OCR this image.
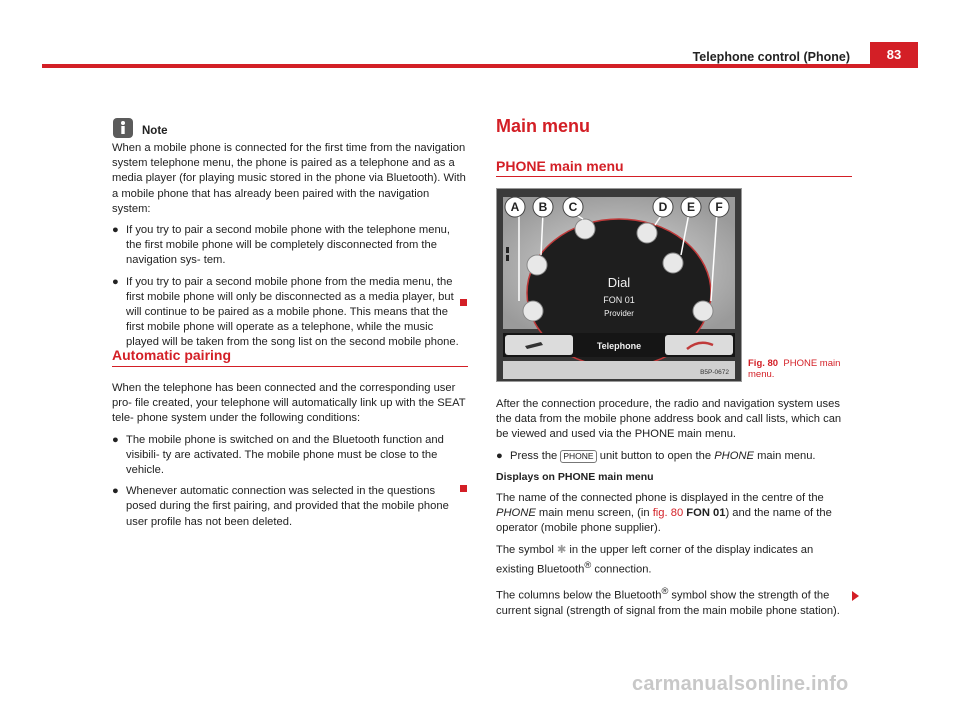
Telephone control (Phone)	83
Note

When a mobile phone is connected for the first time from the navigation system telephone menu, the phone is paired as a telephone and as a media player (for playing music stored in the phone via Bluetooth). With a mobile phone that has already been paired with the navigation system:

● If you try to pair a second mobile phone with the telephone menu, the first mobile phone will be completely disconnected from the navigation sys- tem.
● If you try to pair a second mobile phone from the media menu, the first mobile phone will only be disconnected as a media player, but will continue to be paired as a mobile phone. This means that the first mobile phone will operate as a telephone, while the music played will be taken from the song list on the second mobile phone.
Automatic pairing

When the telephone has been connected and the corresponding user pro- file created, your telephone will automatically link up with the SEAT tele- phone system under the following conditions:

● The mobile phone is switched on and the Bluetooth function and visibili- ty are activated. The mobile phone must be close to the vehicle.
● Whenever automatic connection was selected in the questions posed during the first pairing, and provided that the mobile phone user profile has not been deleted.
Main menu
PHONE main menu
A B C	D E F
Dial
FON 01
Provider
Telephone
B5P-0672
Fig. 80 PHONE main menu.

After the connection procedure, the radio and navigation system uses the data from the mobile phone address book and call lists, which can be viewed and used via the PHONE main menu.

● Press the PHONE unit button to open the PHONE main menu.

Displays on PHONE main menu

The name of the connected phone is displayed in the centre of the PHONE main menu screen, (in fig. 80 FON 01) and the name of the operator (mobile phone supplier).

The symbol ✱ in the upper left corner of the display indicates an existing Bluetooth® connection.

The columns below the Bluetooth® symbol show the strength of the current signal (strength of signal from the main mobile phone station).

carmanualsonline.info
